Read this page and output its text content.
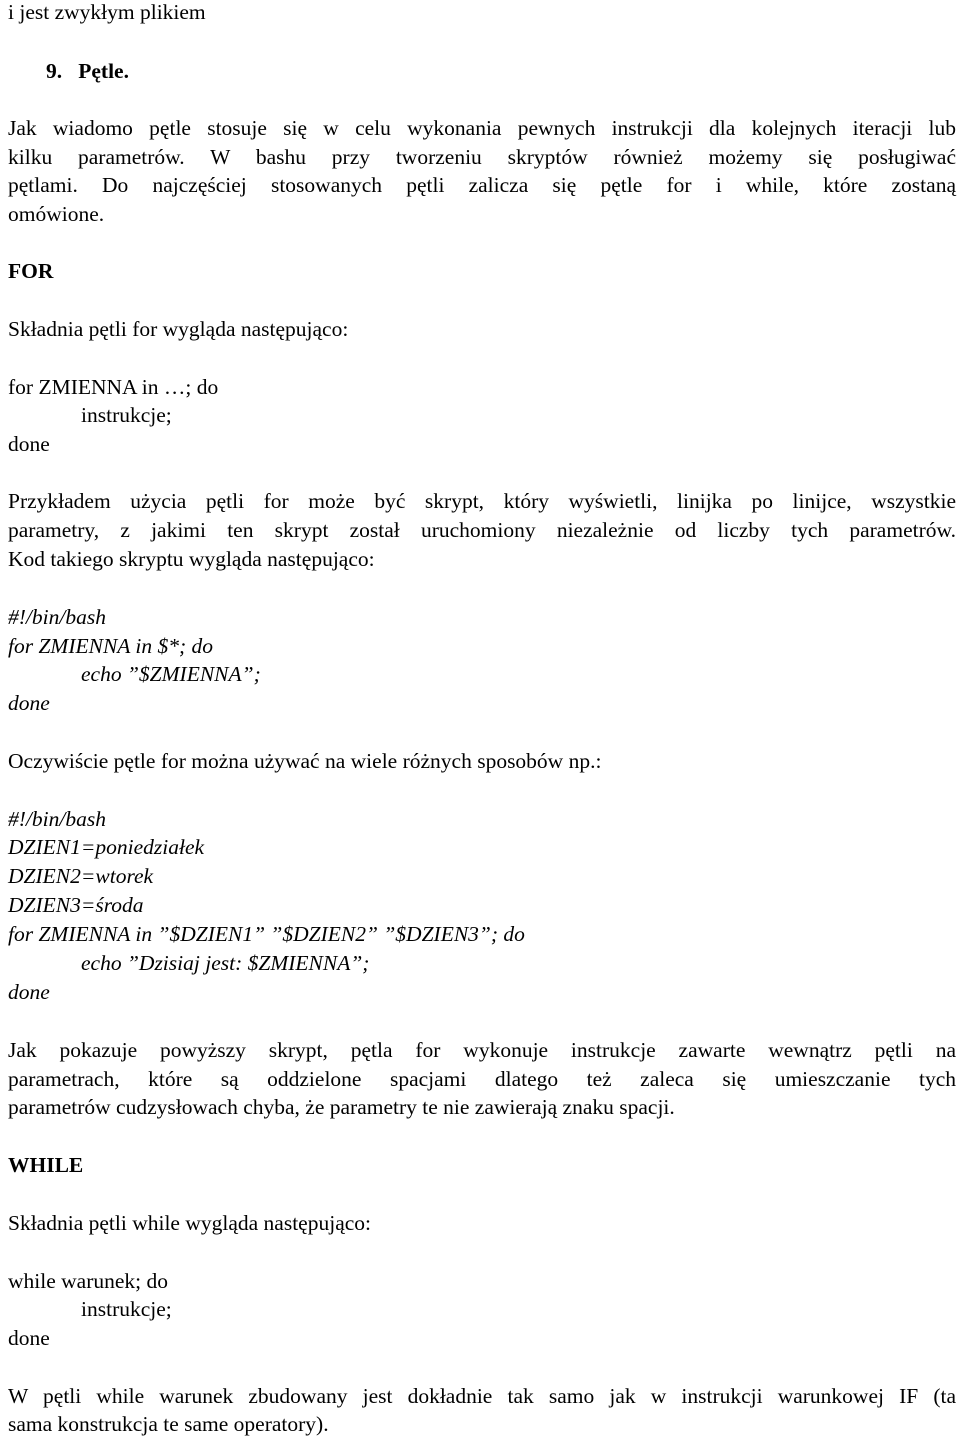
i jest zwykłym plikiem
9.   Pętle.
Jak wiadomo pętle stosuje się w celu wykonania pewnych instrukcji dla kolejnych iteracji lub
kilku parametrów. W bashu przy tworzeniu skryptów również możemy się posługiwać
pętlami. Do najczęściej stosowanych pętli zalicza się pętle for i while, które zostaną
omówione.
FOR
Składnia pętli for wygląda następująco:
for ZMIENNA in …; do
instrukcje;
done
Przykładem użycia pętli for może być skrypt, który wyświetli, linijka po linijce, wszystkie
parametry, z jakimi ten skrypt został uruchomiony niezależnie od liczby tych parametrów.
Kod takiego skryptu wygląda następująco:
#!/bin/bash
for ZMIENNA in $*; do
echo ”$ZMIENNA”;
done
Oczywiście pętle for można używać na wiele różnych sposobów np.:
#!/bin/bash
DZIEN1=poniedziałek
DZIEN2=wtorek
DZIEN3=środa
for ZMIENNA in ”$DZIEN1” ”$DZIEN2” ”$DZIEN3”; do
echo ”Dzisiaj jest: $ZMIENNA”;
done
Jak pokazuje powyższy skrypt, pętla for wykonuje instrukcje zawarte wewnątrz pętli na
parametrach, które są oddzielone spacjami dlatego też zaleca się umieszczanie tych
parametrów cudzysłowach chyba, że parametry te nie zawierają znaku spacji.
WHILE
Składnia pętli while wygląda następująco:
while warunek; do
instrukcje;
done
W pętli while warunek zbudowany jest dokładnie tak samo jak w instrukcji warunkowej IF (ta
sama konstrukcja te same operatory).
